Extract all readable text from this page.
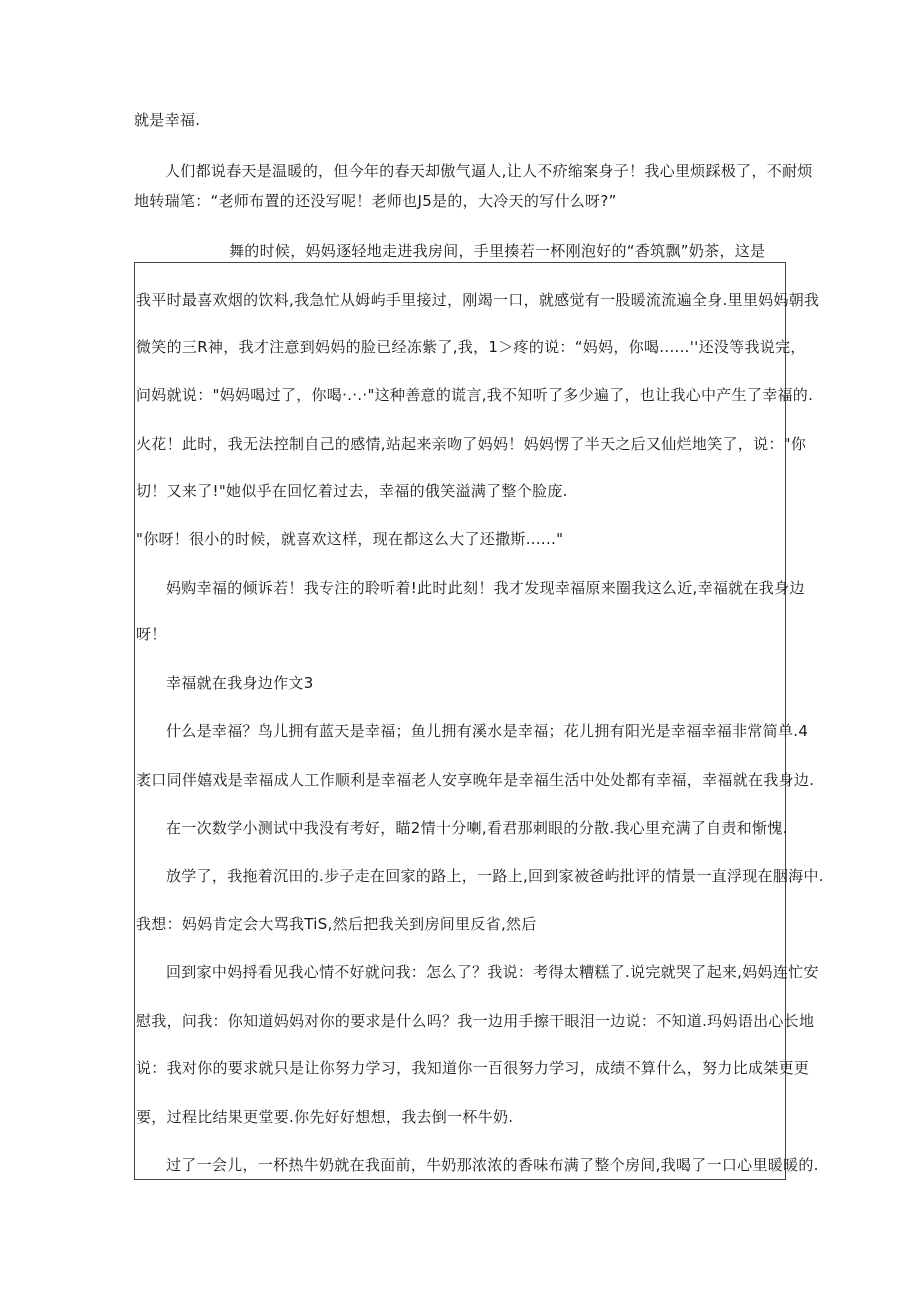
就是幸福.
人们都说春天是温暖的，但今年的春天却傲气逼人,让人不疥缩案身子！我心里烦踩极了，不耐烦
地转瑞笔：“老师布置的还没写呢！老师也J5是的，大冷天的写什么呀?”
舞的时候，妈妈逐轻地走进我房间，手里揍若一杯刚泡好的“香筑飘”奶茶，这是
我平时最喜欢烟的饮料,我急忙从姆屿手里接过，刚竭一口，就感觉有一股暖流流遍全身.里里妈妈朝我
微笑的三R神，我才注意到妈妈的脸已经冻紫了,我，1＞疼的说：“妈妈，你喝......''还没等我说完，
问妈就说："妈妈喝过了，你喝·.·.·"这种善意的谎言,我不知听了多少遍了，也让我心中产生了幸福的.
火花！此时，我无法控制自己的感情,站起来亲吻了妈妈！妈妈愣了半天之后又仙烂地笑了，说："你
切！又来了!"她似乎在回忆着过去，幸福的俄笑溢满了整个脸庞.
"你呀！很小的时候，就喜欢这样，现在都这么大了还撒斯......"
妈购幸福的倾诉若！我专注的聆听着!此时此刻！我才发现幸福原来圈我这么近,幸福就在我身边
呀！
幸福就在我身边作文3
什么是幸福？鸟儿拥有蓝天是幸福；鱼儿拥有溪水是幸福；花儿拥有阳光是幸福幸福非常简单.4
袤口同伴嬉戏是幸福成人工作顺利是幸福老人安享晚年是幸福生活中处处都有幸福，幸福就在我身边.
在一次数学小测试中我没有考好，瞄2情十分喇,看君那刺眼的分散.我心里充满了自责和惭愧.
放学了，我拖着沉田的.步子走在回家的路上，一路上,回到家被爸屿批评的情景一直浮现在胭海中.
我想：妈妈肯定会大骂我TiS,然后把我关到房间里反省,然后
回到家中妈捋看见我心情不好就问我：怎么了？我说：考得太糟糕了.说完就哭了起来,妈妈连忙安
慰我，问我：你知道妈妈对你的要求是什么吗？我一边用手擦干眼泪一边说：不知道.玛妈语出心长地
说：我对你的要求就只是让你努力学习，我知道你一百很努力学习，成绩不算什么，努力比成桀更更
要，过程比结果更堂要.你先好好想想，我去倒一杯牛奶.
过了一会儿，一杯热牛奶就在我面前，牛奶那浓浓的香味布满了整个房间,我喝了一口心里暖暖的.
